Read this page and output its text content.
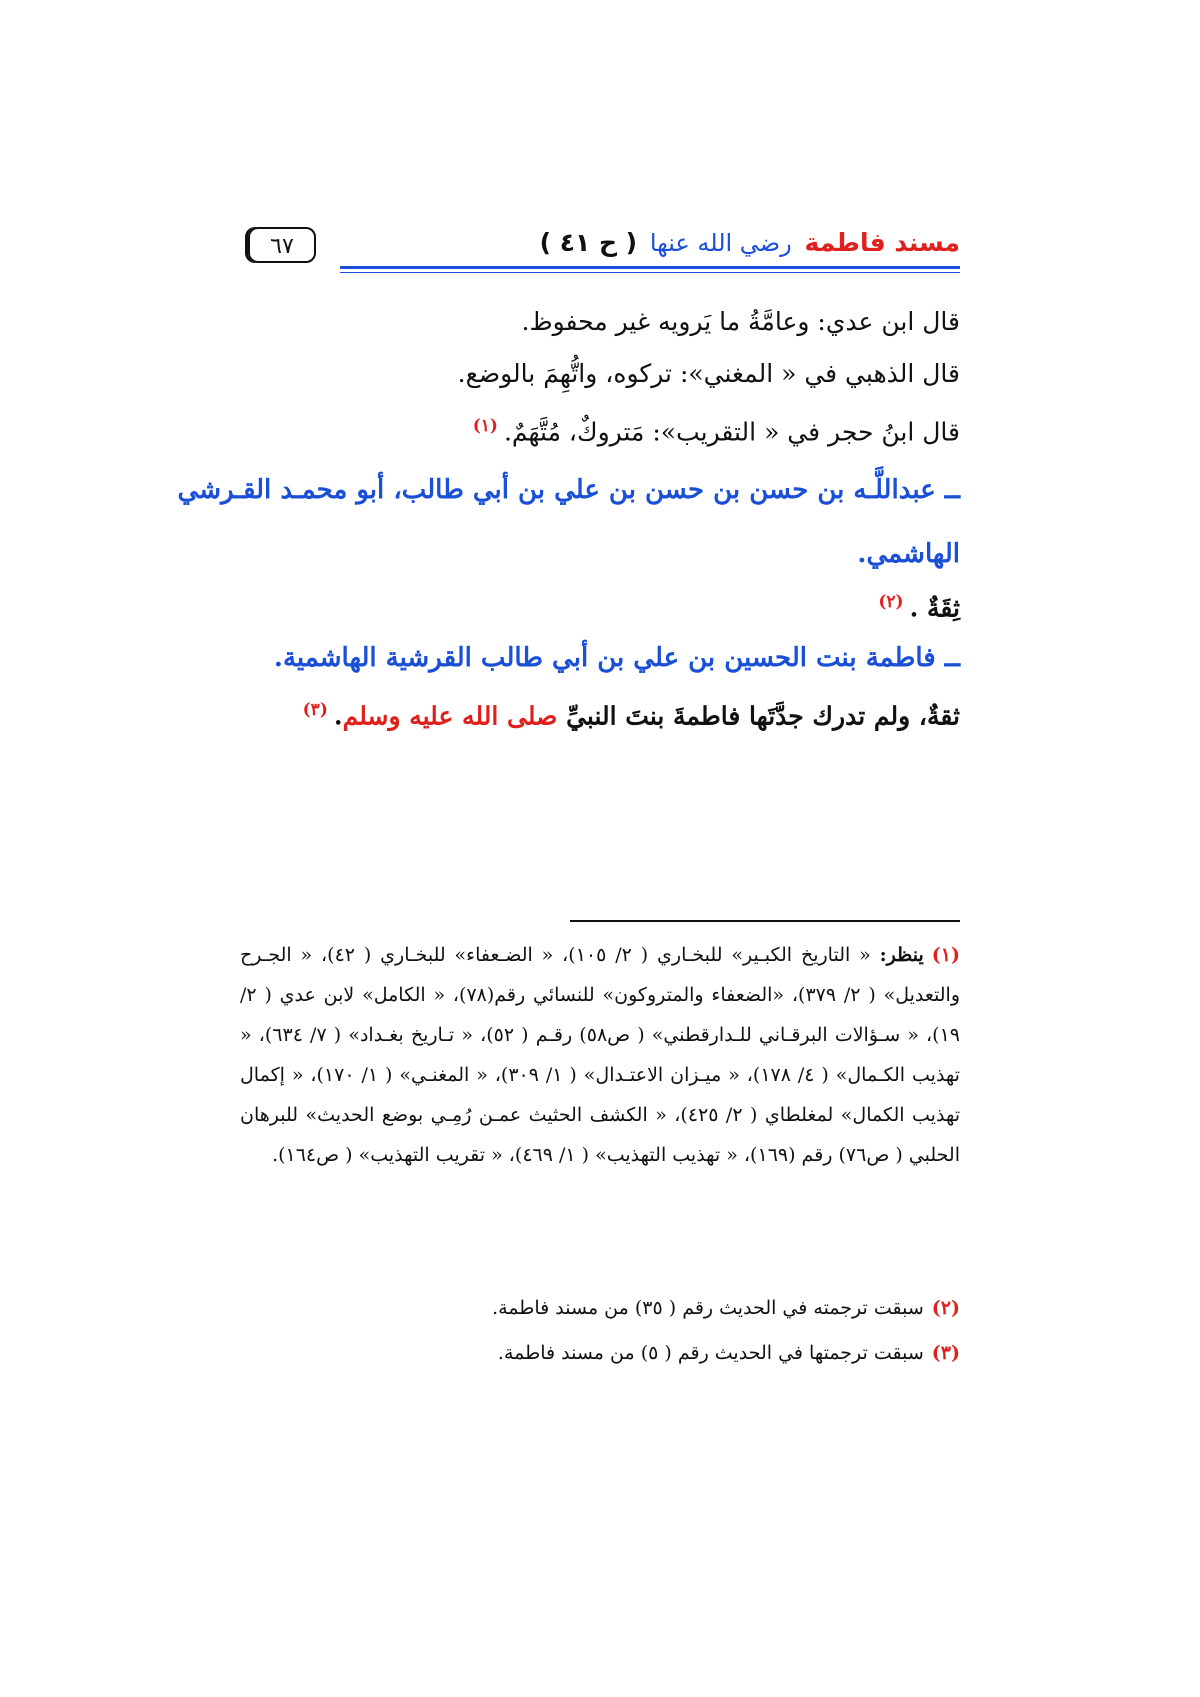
مسند فاطمة رضي الله عنها ( ح ٤١ )
٦٧
قال ابن عدي: وعامَّةُ ما يَرويه غير محفوظ.
قال الذهبي في « المغني»: تركوه، واتُّهِمَ بالوضع.
قال ابنُ حجر في « التقريب»: مَتروكٌ، مُتَّهَمٌ.$^{(١)}$
ــ عبداللَّـه بن حسن بن حسن بن علي بن أبي طالب، أبو محمـد القـرشي
الهاشمي.
ثِقَةٌ .$^{(٢)}$
ــ فاطمة بنت الحسين بن علي بن أبي طالب القرشية الهاشمية.
ثقةٌ، ولم تدرك جدَّتَها فاطمةَ بنتَ النبيِّ صلى الله عليه وسلم.$^{(٣)}$
(١)ينظر: « التاريخ الكبـير» للبخـاري ( ٢/ ١٠٥)، « الضـعفاء» للبخـاري ( ٤٢)، « الجـرح والتعديل» ( ٢/ ٣٧٩)، «الضعفاء والمتروكون» للنسائي رقم(٧٨)، « الكامل» لابن عدي ( ٢/ ١٩)، « سـؤالات البرقـاني للـدارقطني» ( ص٥٨) رقـم ( ٥٢)، « تـاريخ بغـداد» ( ٧/ ٦٣٤)، « تهذيب الكـمال» ( ٤/ ١٧٨)، « ميـزان الاعتـدال» ( ١/ ٣٠٩)، « المغنـي» ( ١/ ١٧٠)، « إكمال تهذيب الكمال» لمغلطاي ( ٢/ ٤٢٥)، « الكشف الحثيث عمـن رُمِـي بوضع الحديث» للبرهان الحلبي ( ص٧٦) رقم (١٦٩)، « تهذيب التهذيب» ( ١/ ٤٦٩)، « تقريب التهذيب» ( ص١٦٤).
(٢)سبقت ترجمته في الحديث رقم ( ٣٥) من مسند فاطمة.
(٣)سبقت ترجمتها في الحديث رقم ( ٥) من مسند فاطمة.
